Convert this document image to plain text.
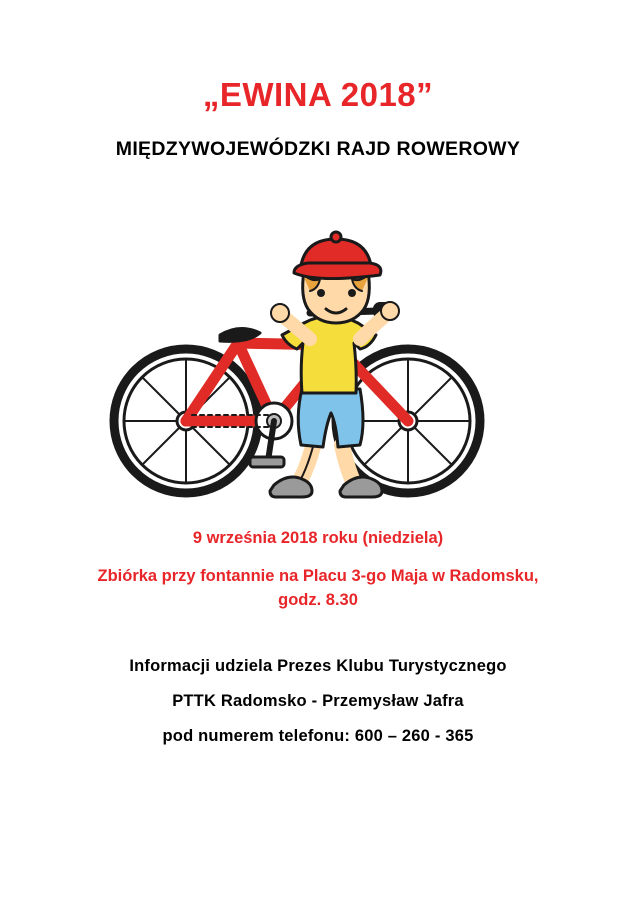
„EWINA 2018”
MIĘDZYWOJEWÓDZKI RAJD ROWEROWY

9 września 2018 roku (niedziela)

Zbiórka przy fontannie na Placu 3-go Maja w Radomsku, godz. 8.30

Informacji udziela Prezes Klubu Turystycznego

PTTK Radomsko - Przemysław Jafra

pod numerem telefonu: 600 – 260 - 365
